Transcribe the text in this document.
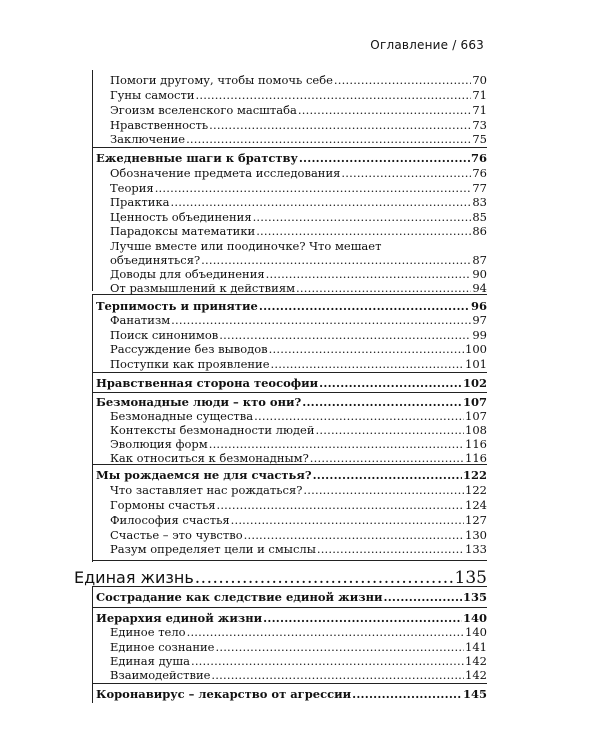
Оглавление / 663
Помоги другому, чтобы помочь себе .....	70
Гуны самости .....	71
Эгоизм вселенского масштаба .....	71
Нравственность .....	73
Заключение .....	75
Ежедневные шаги к братству .....	76
Обозначение предмета исследования .....	76
Теория .....	77
Практика .....	83
Ценность объединения .....	85
Парадоксы математики .....	86
Лучше вместе или поодиночке? Что мешает
объединяться? .....	87
Доводы для объединения .....	90
От размышлений к действиям .....	94
Терпимость и принятие .....	96
Фанатизм .....	97
Поиск синонимов .....	99
Рассуждение без выводов .....	100
Поступки как проявление .....	101
Нравственная сторона теософии .....	102
Безмонадные люди – кто они? .....	107
Безмонадные существа .....	107
Контексты безмонадности людей .....	108
Эволюция форм .....	116
Как относиться к безмонадным? .....	116
Мы рождаемся не для счастья? .....	122
Что заставляет нас рождаться? .....	122
Гормоны счастья .....	124
Философия счастья .....	127
Счастье – это чувство .....	130
Разум определяет цели и смыслы .....	133
Единая жизнь .....	135
Сострадание как следствие единой жизни .....	135
Иерархия единой жизни .....	140
Единое тело .....	140
Единое сознание .....	141
Единая душа .....	142
Взаимодействие .....	142
Коронавирус – лекарство от агрессии .....	145
